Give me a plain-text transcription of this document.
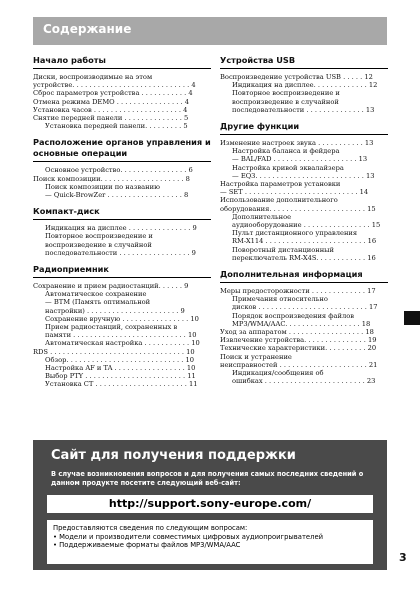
Содержание
Начало работы
Диски, воспроизводимые на этом
устройстве. . . . . . . . . . . . . . . . . . . . . . . . . . . . 4
Сброс параметров устройства . . . . . . . . . . . 4
Отмена режима DEMO . . . . . . . . . . . . . . . . 4
Установка часов . . . . . . . . . . . . . . . . . . . . . 4
Снятие передней панели . . . . . . . . . . . . . . 5
Установка передней панели. . . . . . . . . 5
Расположение органов управления и основные операции
Основное устройство. . . . . . . . . . . . . . . . 6
Поиск композиции. . . . . . . . . . . . . . . . . . . . 8
Поиск композиции по названию
— Quick-BrowZer . . . . . . . . . . . . . . . . . . 8
Компакт-диск
Индикация на дисплее . . . . . . . . . . . . . . . 9
Повторное воспроизведение и
воспроизведение в случайной
последовательности . . . . . . . . . . . . . . . . . 9
Радиоприемник
Сохранение и прием радиостанций. . . . . . 9
Автоматическое сохранение
— BTM (Память оптимальной
настройки) . . . . . . . . . . . . . . . . . . . . . . 9
Сохранение вручную . . . . . . . . . . . . . . . . 10
Прием радиостанций, сохраненных в
памяти . . . . . . . . . . . . . . . . . . . . . . . . . . . 10
Автоматическая настройка . . . . . . . . . . . 10
RDS . . . . . . . . . . . . . . . . . . . . . . . . . . . . . . . . 10
Обзор. . . . . . . . . . . . . . . . . . . . . . . . . . . . 10
Настройка AF и TA . . . . . . . . . . . . . . . . . 10
Выбор PTY . . . . . . . . . . . . . . . . . . . . . . . . 11
Установка CT . . . . . . . . . . . . . . . . . . . . . . 11
Устройства USB
Воспроизведение устройства USB . . . . . 12
Индикация на дисплее. . . . . . . . . . . . . 12
Повторное воспроизведение и
воспроизведение в случайной
последовательности . . . . . . . . . . . . . . 13
Другие функции
Изменение настроек звука . . . . . . . . . . . 13
Настройка баланса и фейдера
— BAL/FAD . . . . . . . . . . . . . . . . . . . . 13
Настройка кривой эквалайзера
— EQ3. . . . . . . . . . . . . . . . . . . . . . . . . . 13
Настройка параметров установки
— SET . . . . . . . . . . . . . . . . . . . . . . . . . . . 14
Использование дополнительного
оборудования. . . . . . . . . . . . . . . . . . . . . . . 15
Дополнительное
аудиооборудование . . . . . . . . . . . . . . . . 15
Пульт дистанционного управления
RM-X114 . . . . . . . . . . . . . . . . . . . . . . . . 16
Поворотный дистанционный
переключатель RM-X4S. . . . . . . . . . . . 16
Дополнительная информация
Меры предосторожности . . . . . . . . . . . . . 17
Примечания относительно
дисков . . . . . . . . . . . . . . . . . . . . . . . . . . 17
Порядок воспроизведения файлов
MP3/WMA/AAC. . . . . . . . . . . . . . . . . . 18
Уход за аппаратом . . . . . . . . . . . . . . . . . . 18
Извлечение устройства. . . . . . . . . . . . . . . 19
Технические характеристики. . . . . . . . . . 20
Поиск и устранение
неисправностей . . . . . . . . . . . . . . . . . . . . . 21
Индикация/сообщения об
ошибках . . . . . . . . . . . . . . . . . . . . . . . . 23
Сайт для получения поддержки
В случае возникновения вопросов и для получения самых последних сведений о данном продукте посетите следующий веб-сайт:
http://support.sony-europe.com/
Предоставляются сведения по следующим вопросам:
• Модели и производители совместимых цифровых аудиопроигрывателей
• Поддерживаемые форматы файлов MP3/WMA/AAC
3
